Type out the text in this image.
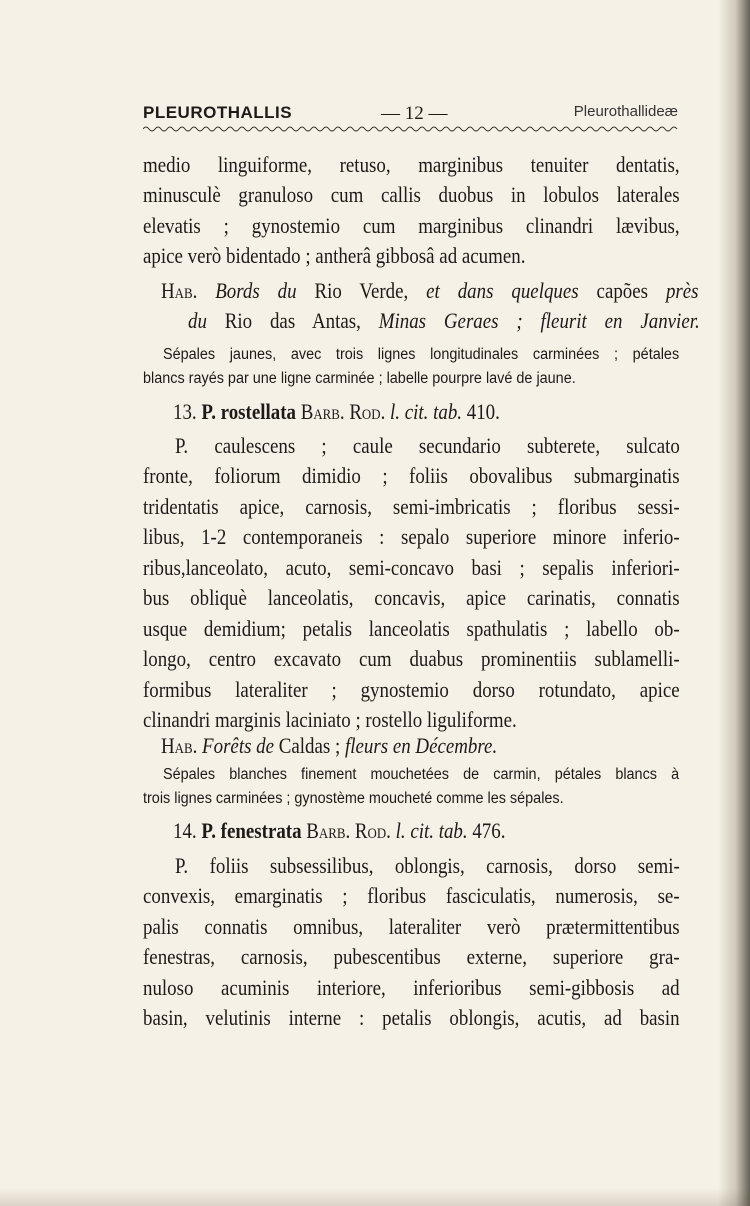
PLEUROTHALLIS	— 12 —	Pleurothallideæ
medio linguiforme, retuso, marginibus tenuiter dentatis,
minusculè granuloso cum callis duobus in lobulos laterales
elevatis ; gynostemio cum marginibus clinandri lævibus,
apice verò bidentado ; antherâ gibbosâ ad acumen.
Hab. Bords du Rio Verde, et dans quelques capões près
du Rio das Antas, Minas Geraes ; fleurit en Janvier.
Sépales jaunes, avec trois lignes longitudinales carminées ; pétales
blancs rayés par une ligne carminée ; labelle pourpre lavé de jaune.
13. P. rostellata Barb. Rod. l. cit. tab. 410.
P. caulescens ; caule secundario subterete, sulcato
fronte, foliorum dimidio ; foliis obovalibus submarginatis
tridentatis apice, carnosis, semi-imbricatis ; floribus sessi-
libus, 1-2 contemporaneis : sepalo superiore minore inferio-
ribus,lanceolato, acuto, semi-concavo basi ; sepalis inferiori-
bus obliquè lanceolatis, concavis, apice carinatis, connatis
usque demidium; petalis lanceolatis spathulatis ; labello ob-
longo, centro excavato cum duabus prominentiis sublamelli-
formibus lateraliter ; gynostemio dorso rotundato, apice
clinandri marginis laciniato ; rostello liguliforme.
Hab. Forêts de Caldas ; fleurs en Décembre.
Sépales blanches finement mouchetées de carmin, pétales blancs à
trois lignes carminées ; gynostème moucheté comme les sépales.
14. P. fenestrata Barb. Rod. l. cit. tab. 476.
P. foliis subsessilibus, oblongis, carnosis, dorso semi-
convexis, emarginatis ; floribus fasciculatis, numerosis, se-
palis connatis omnibus, lateraliter verò prætermittentibus
fenestras, carnosis, pubescentibus externe, superiore gra-
nuloso acuminis interiore, inferioribus semi-gibbosis ad
basin, velutinis interne : petalis oblongis, acutis, ad basin
